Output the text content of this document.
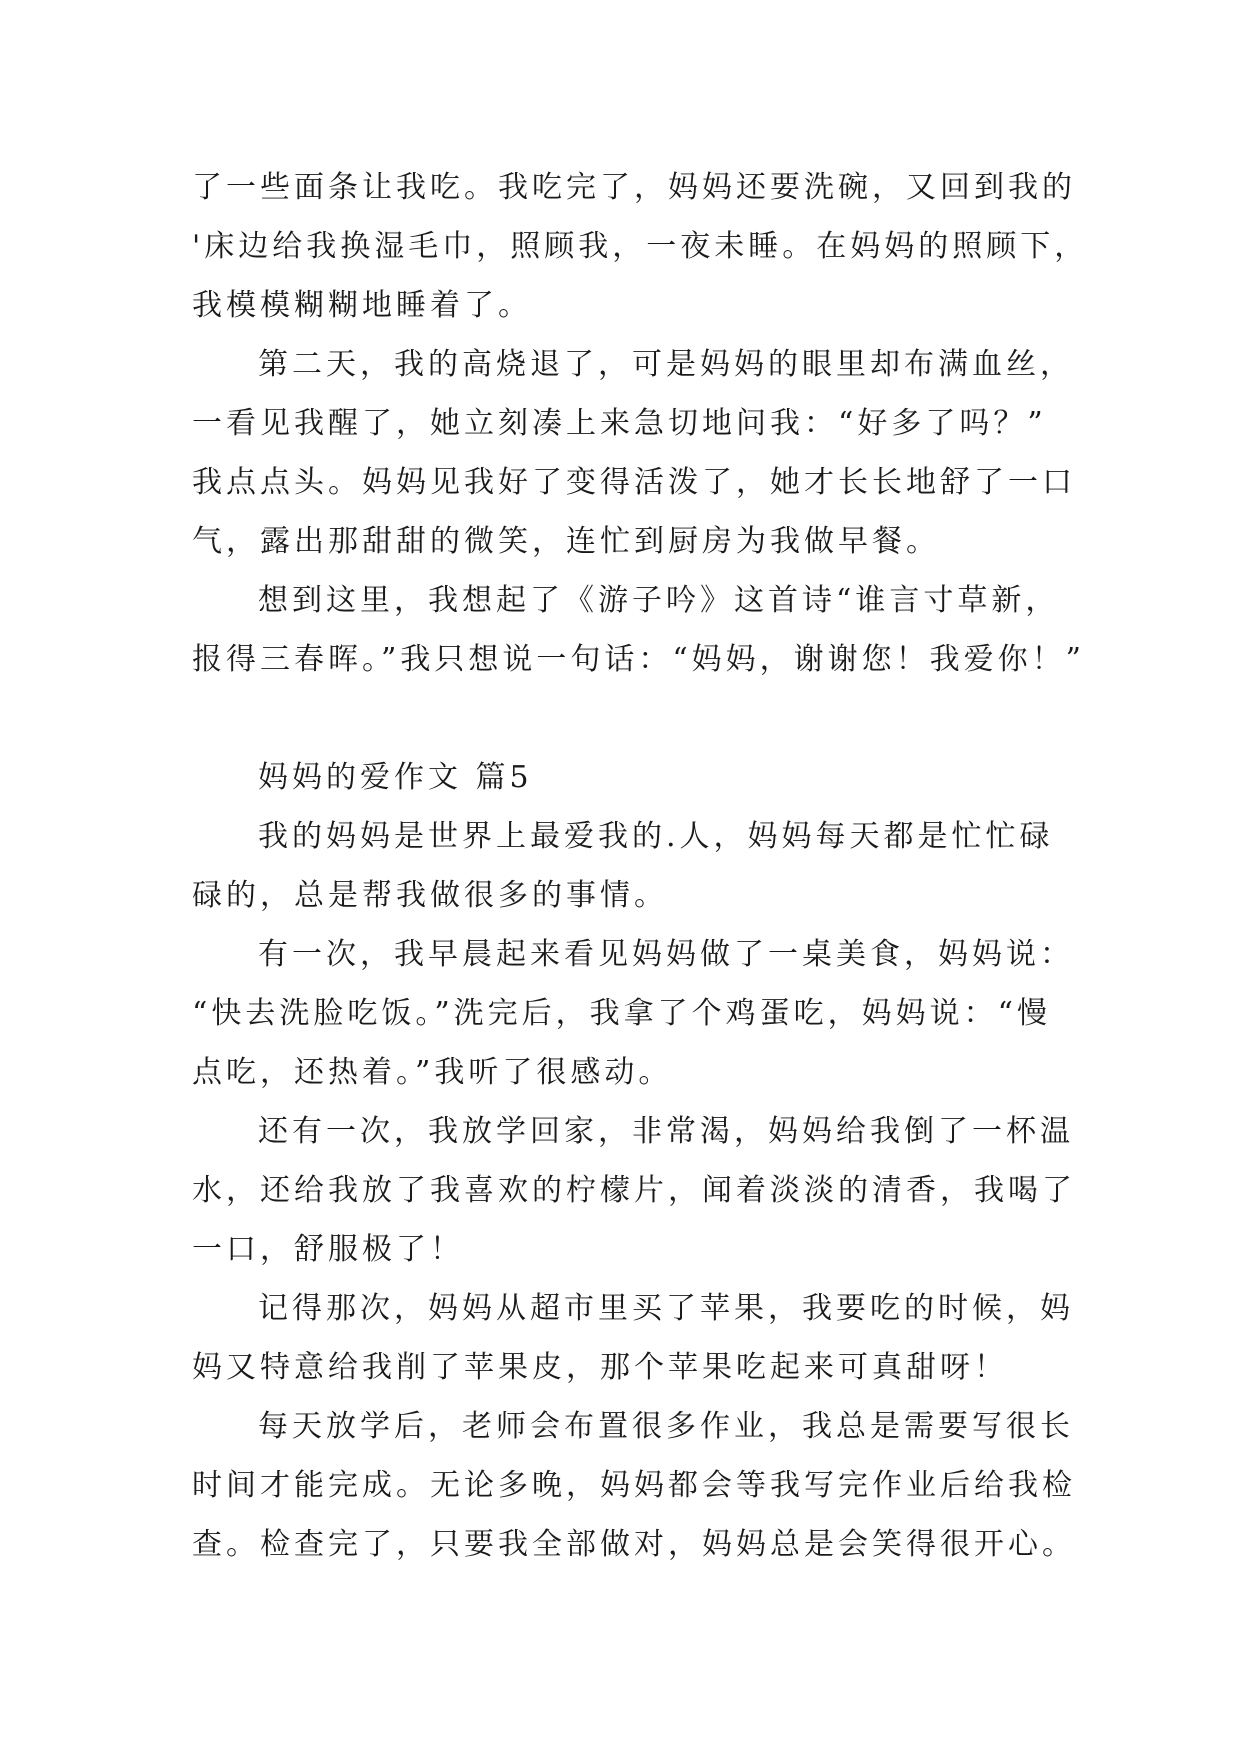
了一些面条让我吃。我吃完了，妈妈还要洗碗，又回到我的
'床边给我换湿毛巾，照顾我，一夜未睡。在妈妈的照顾下，
我模模糊糊地睡着了。
第二天，我的高烧退了，可是妈妈的眼里却布满血丝，
一看见我醒了，她立刻凑上来急切地问我：“好多了吗？”
我点点头。妈妈见我好了变得活泼了，她才长长地舒了一口
气，露出那甜甜的微笑，连忙到厨房为我做早餐。
想到这里，我想起了《游子吟》这首诗“谁言寸草新，
报得三春晖。”我只想说一句话：“妈妈，谢谢您！我爱你！”
妈妈的爱作文 篇5
我的妈妈是世界上最爱我的.人，妈妈每天都是忙忙碌
碌的，总是帮我做很多的事情。
有一次，我早晨起来看见妈妈做了一桌美食，妈妈说：
“快去洗脸吃饭。”洗完后，我拿了个鸡蛋吃，妈妈说：“慢
点吃，还热着。”我听了很感动。
还有一次，我放学回家，非常渴，妈妈给我倒了一杯温
水，还给我放了我喜欢的柠檬片，闻着淡淡的清香，我喝了
一口，舒服极了！
记得那次，妈妈从超市里买了苹果，我要吃的时候，妈
妈又特意给我削了苹果皮，那个苹果吃起来可真甜呀！
每天放学后，老师会布置很多作业，我总是需要写很长
时间才能完成。无论多晚，妈妈都会等我写完作业后给我检
查。检查完了，只要我全部做对，妈妈总是会笑得很开心。
